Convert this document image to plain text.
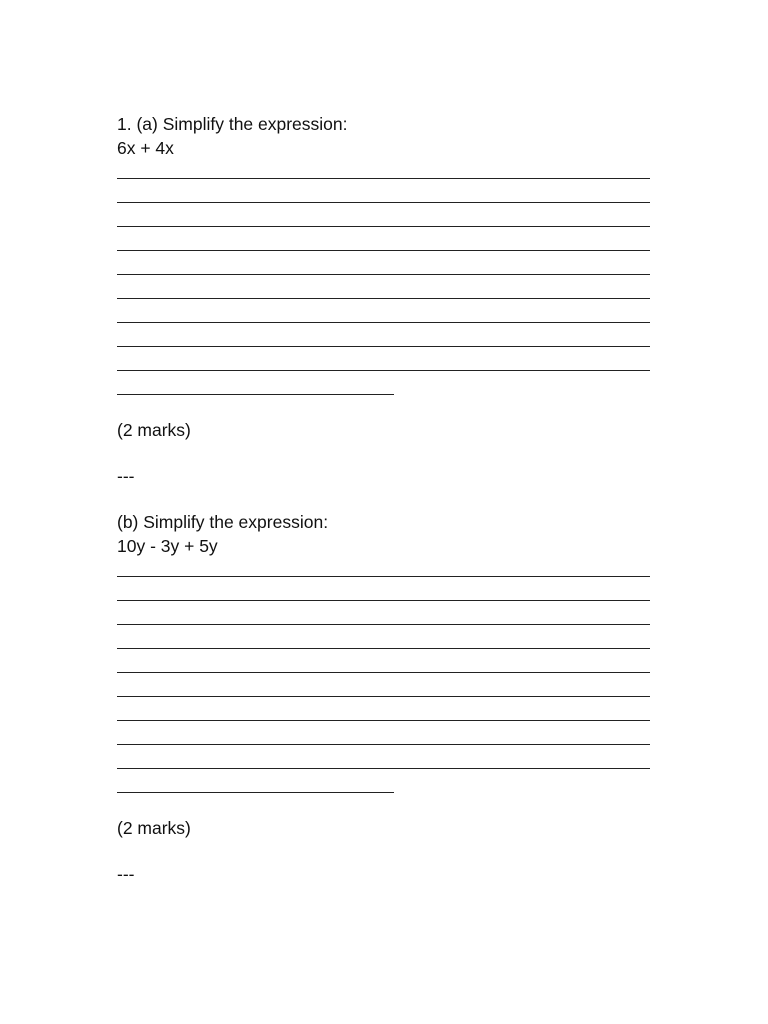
1. (a) Simplify the expression:
6x + 4x
(2 marks)
---
(b) Simplify the expression:
10y - 3y + 5y
(2 marks)
---
